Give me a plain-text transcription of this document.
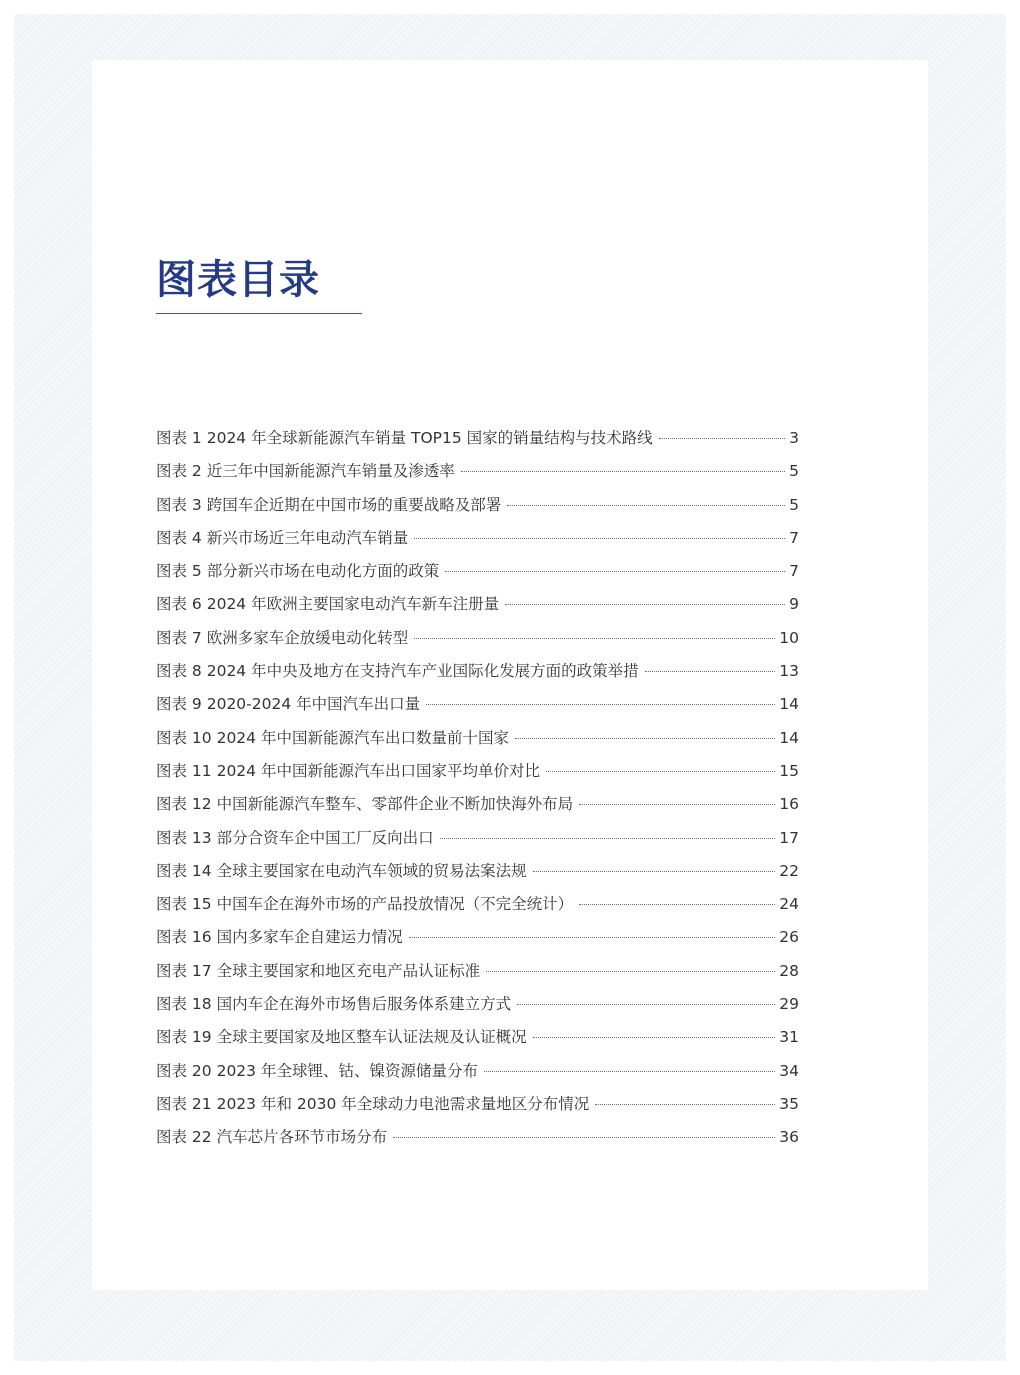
图表目录
图表 1 2024 年全球新能源汽车销量 TOP15 国家的销量结构与技术路线	3
图表 2 近三年中国新能源汽车销量及渗透率	5
图表 3 跨国车企近期在中国市场的重要战略及部署	5
图表 4 新兴市场近三年电动汽车销量	7
图表 5 部分新兴市场在电动化方面的政策	7
图表 6 2024 年欧洲主要国家电动汽车新车注册量	9
图表 7 欧洲多家车企放缓电动化转型	10
图表 8 2024 年中央及地方在支持汽车产业国际化发展方面的政策举措	13
图表 9 2020-2024 年中国汽车出口量	14
图表 10 2024 年中国新能源汽车出口数量前十国家	14
图表 11 2024 年中国新能源汽车出口国家平均单价对比	15
图表 12 中国新能源汽车整车、零部件企业不断加快海外布局	16
图表 13 部分合资车企中国工厂反向出口	17
图表 14 全球主要国家在电动汽车领域的贸易法案法规	22
图表 15 中国车企在海外市场的产品投放情况（不完全统计）	24
图表 16 国内多家车企自建运力情况	26
图表 17 全球主要国家和地区充电产品认证标准	28
图表 18 国内车企在海外市场售后服务体系建立方式	29
图表 19 全球主要国家及地区整车认证法规及认证概况	31
图表 20 2023 年全球锂、钴、镍资源储量分布	34
图表 21 2023 年和 2030 年全球动力电池需求量地区分布情况	35
图表 22 汽车芯片各环节市场分布	36
